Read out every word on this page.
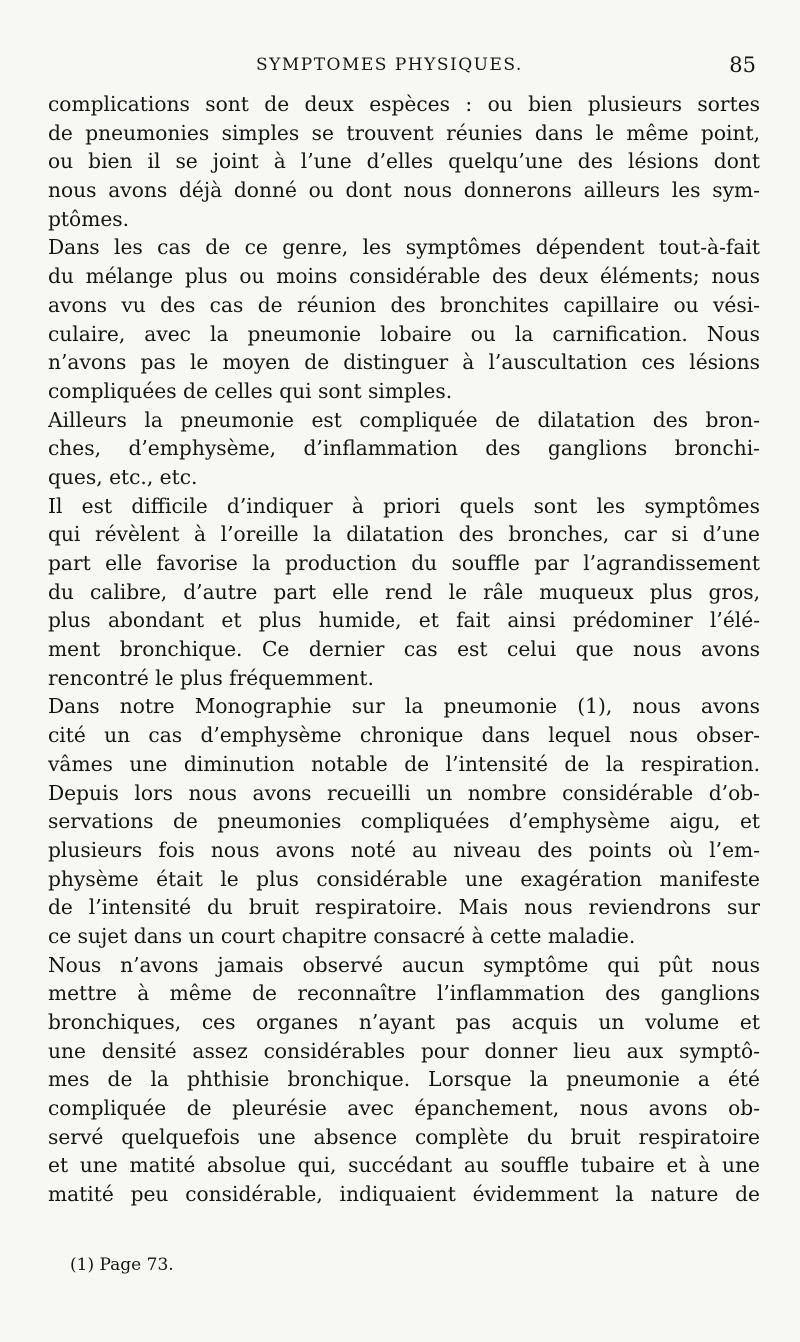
SYMPTOMES PHYSIQUES.	85
complications sont de deux espèces : ou bien plusieurs sortes
de pneumonies simples se trouvent réunies dans le même point,
ou bien il se joint à l’une d’elles quelqu’une des lésions dont
nous avons déjà donné ou dont nous donnerons ailleurs les sym-
ptômes.
Dans les cas de ce genre, les symptômes dépendent tout-à-fait
du mélange plus ou moins considérable des deux éléments; nous
avons vu des cas de réunion des bronchites capillaire ou vési-
culaire, avec la pneumonie lobaire ou la carnification. Nous
n’avons pas le moyen de distinguer à l’auscultation ces lésions
compliquées de celles qui sont simples.
Ailleurs la pneumonie est compliquée de dilatation des bron-
ches, d’emphysème, d’inflammation des ganglions bronchi-
ques, etc., etc.
Il est difficile d’indiquer à priori quels sont les symptômes
qui révèlent à l’oreille la dilatation des bronches, car si d’une
part elle favorise la production du souffle par l’agrandissement
du calibre, d’autre part elle rend le râle muqueux plus gros,
plus abondant et plus humide, et fait ainsi prédominer l’élé-
ment bronchique. Ce dernier cas est celui que nous avons
rencontré le plus fréquemment.
Dans notre Monographie sur la pneumonie (1), nous avons
cité un cas d’emphysème chronique dans lequel nous obser-
vâmes une diminution notable de l’intensité de la respiration.
Depuis lors nous avons recueilli un nombre considérable d’ob-
servations de pneumonies compliquées d’emphysème aigu, et
plusieurs fois nous avons noté au niveau des points où l’em-
physème était le plus considérable une exagération manifeste
de l’intensité du bruit respiratoire. Mais nous reviendrons sur
ce sujet dans un court chapitre consacré à cette maladie.
Nous n’avons jamais observé aucun symptôme qui pût nous
mettre à même de reconnaître l’inflammation des ganglions
bronchiques, ces organes n’ayant pas acquis un volume et
une densité assez considérables pour donner lieu aux symptô-
mes de la phthisie bronchique. Lorsque la pneumonie a été
compliquée de pleurésie avec épanchement, nous avons ob-
servé quelquefois une absence complète du bruit respiratoire
et une matité absolue qui, succédant au souffle tubaire et à une
matité peu considérable, indiquaient évidemment la nature de
(1) Page 73.
